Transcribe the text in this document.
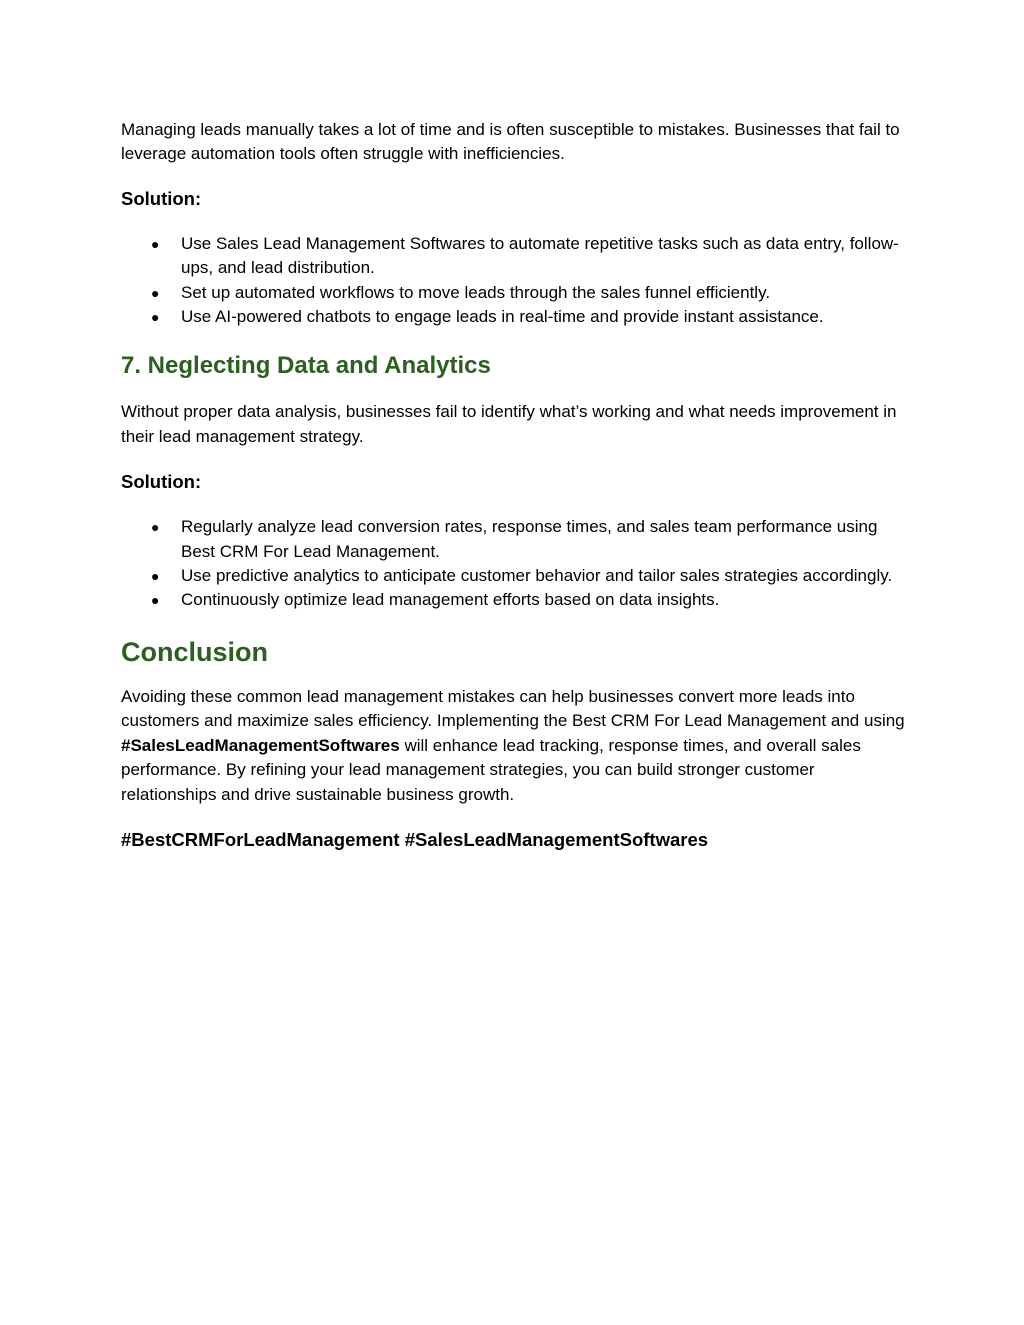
Managing leads manually takes a lot of time and is often susceptible to mistakes. Businesses that fail to leverage automation tools often struggle with inefficiencies.

Solution:
● Use Sales Lead Management Softwares to automate repetitive tasks such as data entry, follow-ups, and lead distribution.
● Set up automated workflows to move leads through the sales funnel efficiently.
● Use AI-powered chatbots to engage leads in real-time and provide instant assistance.
7. Neglecting Data and Analytics

Without proper data analysis, businesses fail to identify what’s working and what needs improvement in their lead management strategy.

Solution:
● Regularly analyze lead conversion rates, response times, and sales team performance using Best CRM For Lead Management.
● Use predictive analytics to anticipate customer behavior and tailor sales strategies accordingly.
● Continuously optimize lead management efforts based on data insights.
Conclusion

Avoiding these common lead management mistakes can help businesses convert more leads into customers and maximize sales efficiency. Implementing the Best CRM For Lead Management and using #SalesLeadManagementSoftwares will enhance lead tracking, response times, and overall sales performance. By refining your lead management strategies, you can build stronger customer relationships and drive sustainable business growth.

#BestCRMForLeadManagement #SalesLeadManagementSoftwares
